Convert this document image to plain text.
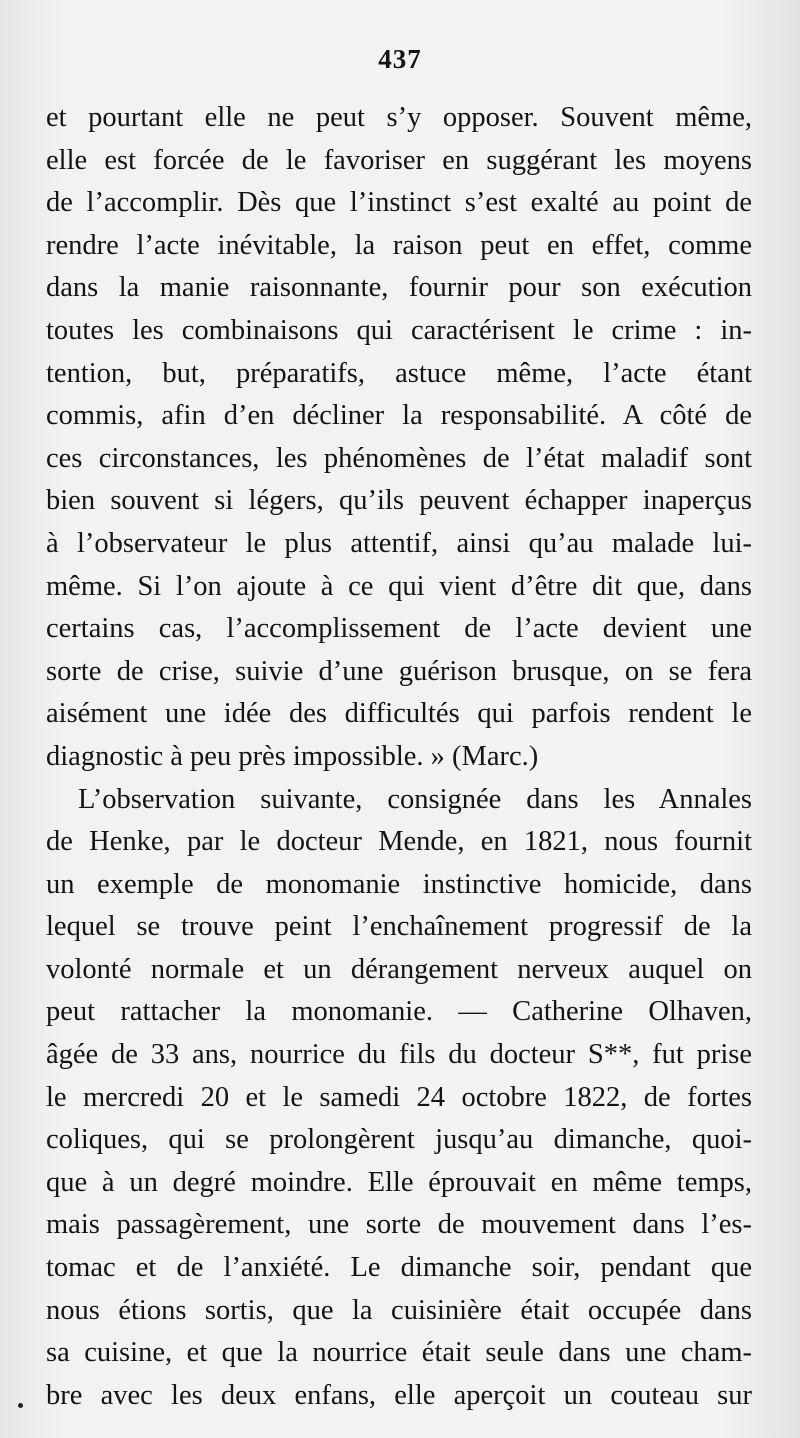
437
et pourtant elle ne peut s’y opposer. Souvent même,
elle est forcée de le favoriser en suggérant les moyens
de l’accomplir. Dès que l’instinct s’est exalté au point de
rendre l’acte inévitable, la raison peut en effet, comme
dans la manie raisonnante, fournir pour son exécution
toutes les combinaisons qui caractérisent le crime : in-
tention, but, préparatifs, astuce même, l’acte étant
commis, afin d’en décliner la responsabilité. A côté de
ces circonstances, les phénomènes de l’état maladif sont
bien souvent si légers, qu’ils peuvent échapper inaperçus
à l’observateur le plus attentif, ainsi qu’au malade lui-
même. Si l’on ajoute à ce qui vient d’être dit que, dans
certains cas, l’accomplissement de l’acte devient une
sorte de crise, suivie d’une guérison brusque, on se fera
aisément une idée des difficultés qui parfois rendent le
diagnostic à peu près impossible. » (Marc.)
L’observation suivante, consignée dans les Annales
de Henke, par le docteur Mende, en 1821, nous fournit
un exemple de monomanie instinctive homicide, dans
lequel se trouve peint l’enchaînement progressif de la
volonté normale et un dérangement nerveux auquel on
peut rattacher la monomanie. — Catherine Olhaven,
âgée de 33 ans, nourrice du fils du docteur S**, fut prise
le mercredi 20 et le samedi 24 octobre 1822, de fortes
coliques, qui se prolongèrent jusqu’au dimanche, quoi-
que à un degré moindre. Elle éprouvait en même temps,
mais passagèrement, une sorte de mouvement dans l’es-
tomac et de l’anxiété. Le dimanche soir, pendant que
nous étions sortis, que la cuisinière était occupée dans
sa cuisine, et que la nourrice était seule dans une cham-
bre avec les deux enfans, elle aperçoit un couteau sur
